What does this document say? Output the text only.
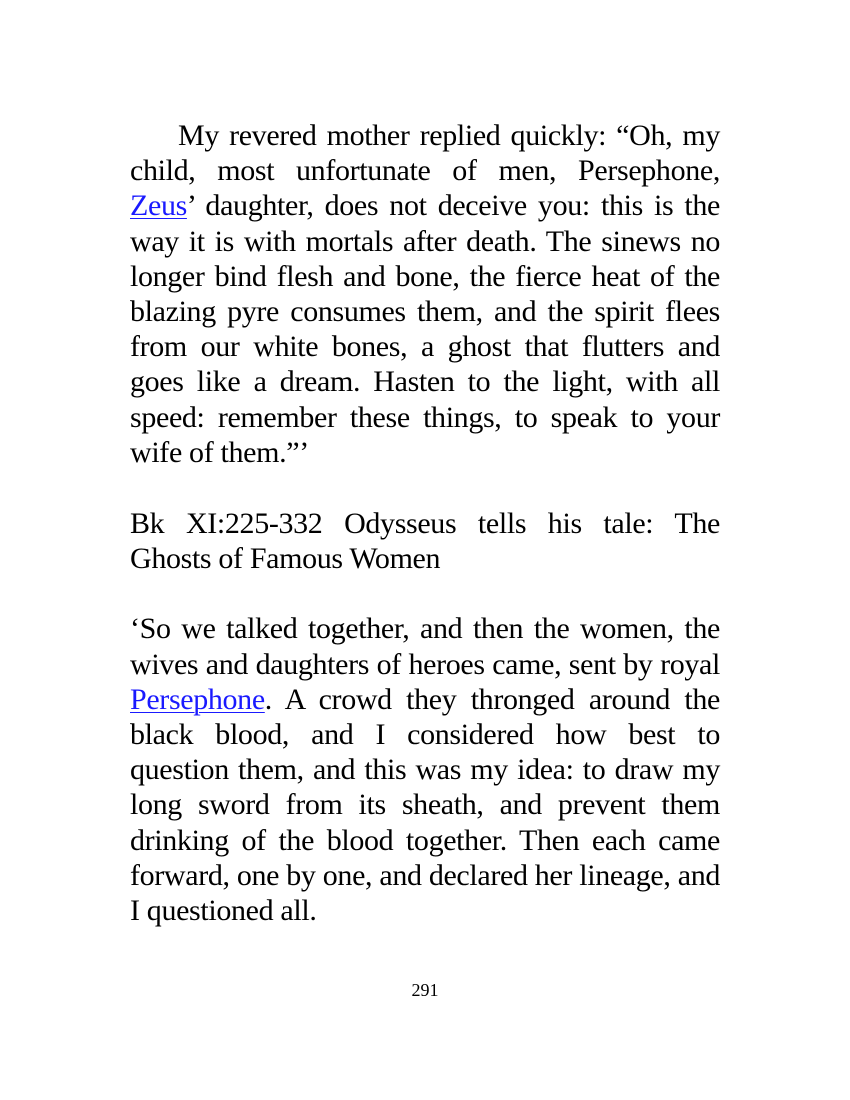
My revered mother replied quickly: “Oh, my child, most unfortunate of men, Persephone, Zeus’ daughter, does not deceive you: this is the way it is with mortals after death. The sinews no longer bind flesh and bone, the fierce heat of the blazing pyre consumes them, and the spirit flees from our white bones, a ghost that flutters and goes like a dream. Hasten to the light, with all speed: remember these things, to speak to your wife of them.”’

Bk XI:225-332 Odysseus tells his tale: The Ghosts of Famous Women

‘So we talked together, and then the women, the wives and daughters of heroes came, sent by royal Persephone. A crowd they thronged around the black blood, and I considered how best to question them, and this was my idea: to draw my long sword from its sheath, and prevent them drinking of the blood together. Then each came forward, one by one, and declared her lineage, and I questioned all.

291
